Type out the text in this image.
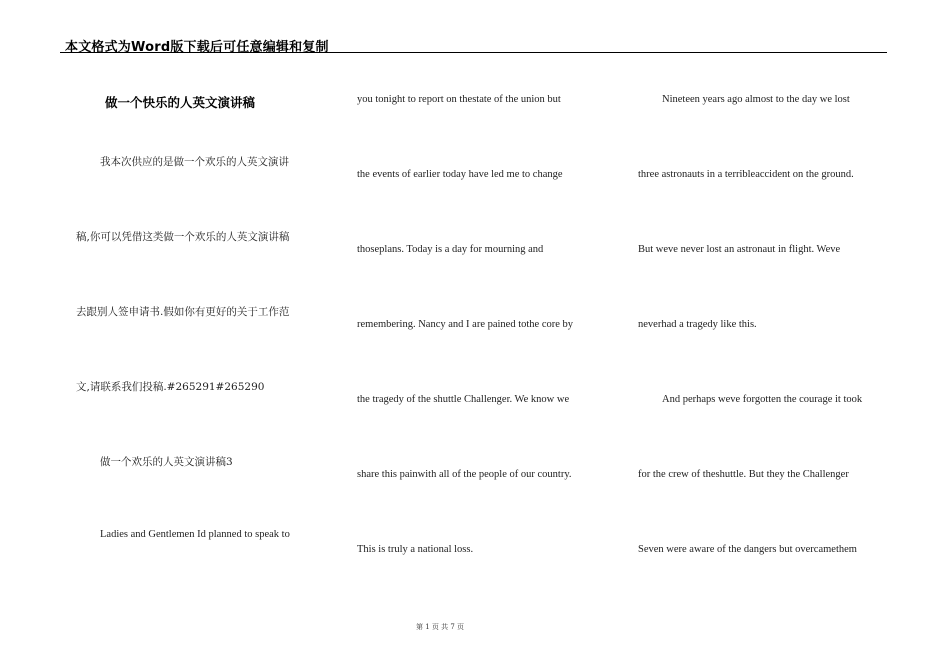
本文格式为Word版下载后可任意编辑和复制
做一个快乐的人英文演讲稿
我本次供应的是做一个欢乐的人英文演讲
稿,你可以凭借这类做一个欢乐的人英文演讲稿
去跟别人签申请书.假如你有更好的关于工作范
文,请联系我们投稿.#265291#265290
做一个欢乐的人英文演讲稿3
Ladies and Gentlemen Id planned to speak to
you tonight to report on thestate of the union but
the events of earlier today have led me to change
thoseplans. Today is a day for mourning and
remembering. Nancy and I are pained tothe core by
the tragedy of the shuttle Challenger. We know we
share this painwith all of the people of our country.
This is truly a national loss.
Nineteen years ago almost to the day we lost
three astronauts in a terribleaccident on the ground.
But weve never lost an astronaut in flight. Weve
neverhad a tragedy like this.
And perhaps weve forgotten the courage it took
for the crew of theshuttle. But they the Challenger
Seven were aware of the dangers but overcamethem
第 1 页 共 7 页
